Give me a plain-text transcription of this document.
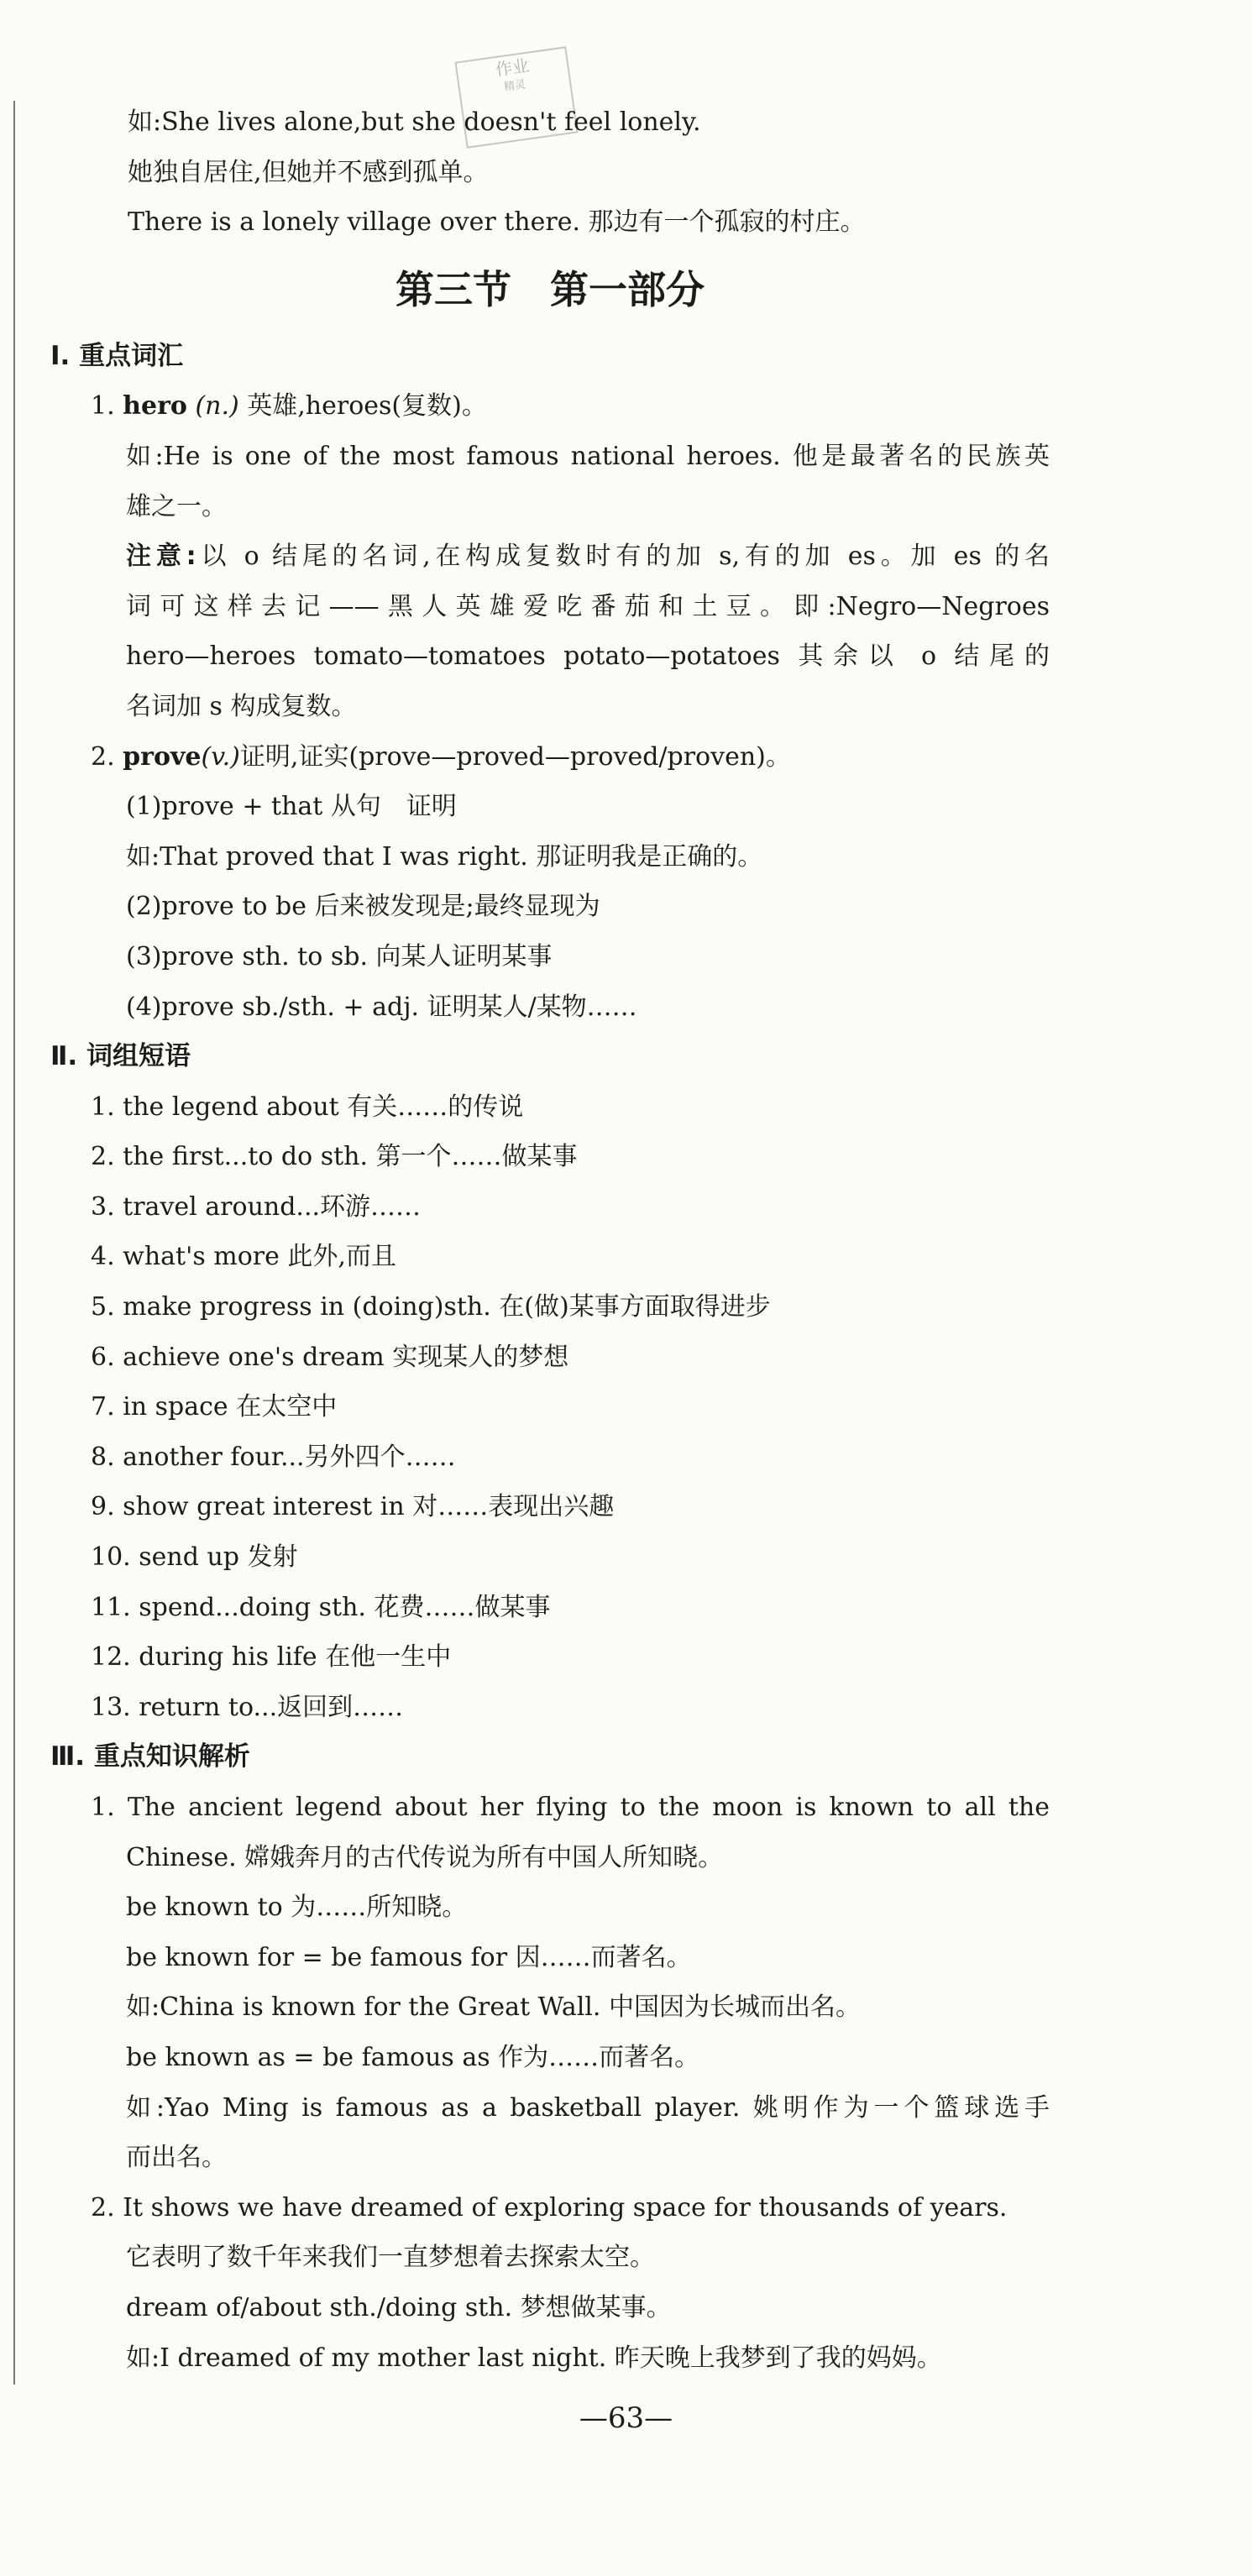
作业
精灵
如:She lives alone,but she doesn't feel lonely.
她独自居住,但她并不感到孤单。
There is a lonely village over there. 那边有一个孤寂的村庄。
第三节　第一部分
Ⅰ. 重点词汇
1. hero (n.) 英雄,heroes(复数)。
如:He is one of the most famous national heroes. 他是最著名的民族英
雄之一。
注意:以 o 结尾的名词,在构成复数时有的加 s,有的加 es。加 es 的名
词可这样去记——黑人英雄爱吃番茄和土豆。即:Negro—Negroes
hero—heroes tomato—tomatoes potato—potatoes 其余以 o 结尾的
名词加 s 构成复数。
2. prove(v.)证明,证实(prove—proved—proved/proven)。
(1)prove + that 从句　证明
如:That proved that I was right. 那证明我是正确的。
(2)prove to be 后来被发现是;最终显现为
(3)prove sth. to sb. 向某人证明某事
(4)prove sb./sth. + adj. 证明某人/某物……
Ⅱ. 词组短语
1. the legend about 有关……的传说
2. the first...to do sth. 第一个……做某事
3. travel around...环游……
4. what's more 此外,而且
5. make progress in (doing)sth. 在(做)某事方面取得进步
6. achieve one's dream 实现某人的梦想
7. in space 在太空中
8. another four...另外四个……
9. show great interest in 对……表现出兴趣
10. send up 发射
11. spend...doing sth. 花费……做某事
12. during his life 在他一生中
13. return to...返回到……
Ⅲ. 重点知识解析
1. The ancient legend about her flying to the moon is known to all the
Chinese. 嫦娥奔月的古代传说为所有中国人所知晓。
be known to 为……所知晓。
be known for = be famous for 因……而著名。
如:China is known for the Great Wall. 中国因为长城而出名。
be known as = be famous as 作为……而著名。
如:Yao Ming is famous as a basketball player. 姚明作为一个篮球选手
而出名。
2. It shows we have dreamed of exploring space for thousands of years.
它表明了数千年来我们一直梦想着去探索太空。
dream of/about sth./doing sth. 梦想做某事。
如:I dreamed of my mother last night. 昨天晚上我梦到了我的妈妈。
—63—
